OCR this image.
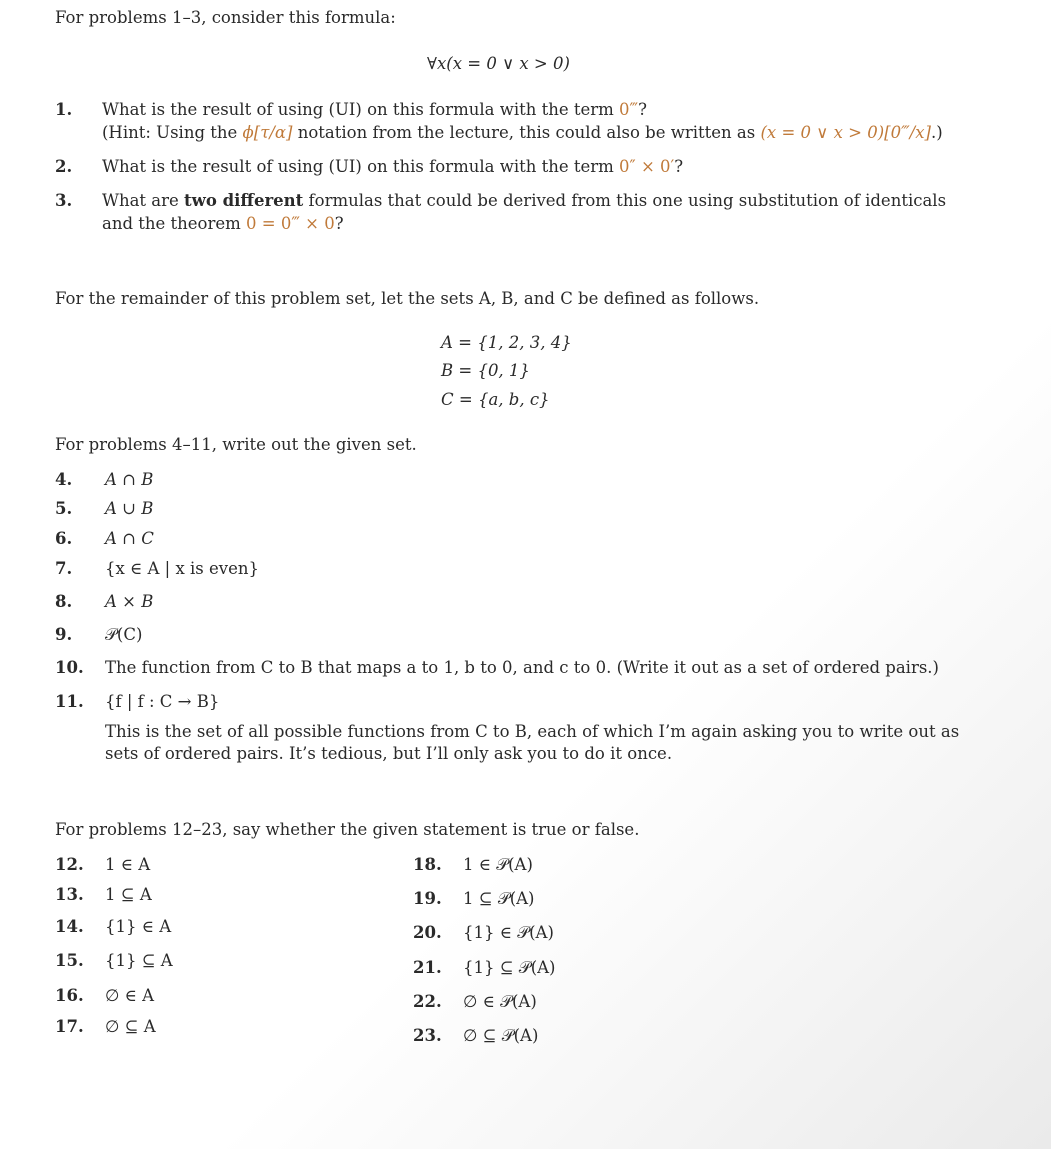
For problems 1–3, consider this formula:
∀x(x = 0 ∨ x > 0)
1. What is the result of using (UI) on this formula with the term 0‴?
(Hint: Using the ϕ[τ/α] notation from the lecture, this could also be written as (x = 0 ∨ x > 0)[0‴/x].)
2. What is the result of using (UI) on this formula with the term 0″ × 0′?
3. What are two different formulas that could be derived from this one using substitution of identicals
and the theorem 0 = 0‴ × 0?
For the remainder of this problem set, let the sets A, B, and C be defined as follows.
A = {1, 2, 3, 4}
B = {0, 1}
C = {a, b, c}
For problems 4–11, write out the given set.
4. A ∩ B
5. A ∪ B
6. A ∩ C
7. {x ∈ A | x is even}
8. A × B
9. 𝒫(C)
10. The function from C to B that maps a to 1, b to 0, and c to 0. (Write it out as a set of ordered pairs.)
11. {f | f : C → B}
This is the set of all possible functions from C to B, each of which I’m again asking you to write out as
sets of ordered pairs. It’s tedious, but I’ll only ask you to do it once.
For problems 12–23, say whether the given statement is true or false.
12. 1 ∈ A
13. 1 ⊆ A
14. {1} ∈ A
15. {1} ⊆ A
16. ∅ ∈ A
17. ∅ ⊆ A
18. 1 ∈ 𝒫(A)
19. 1 ⊆ 𝒫(A)
20. {1} ∈ 𝒫(A)
21. {1} ⊆ 𝒫(A)
22. ∅ ∈ 𝒫(A)
23. ∅ ⊆ 𝒫(A)
